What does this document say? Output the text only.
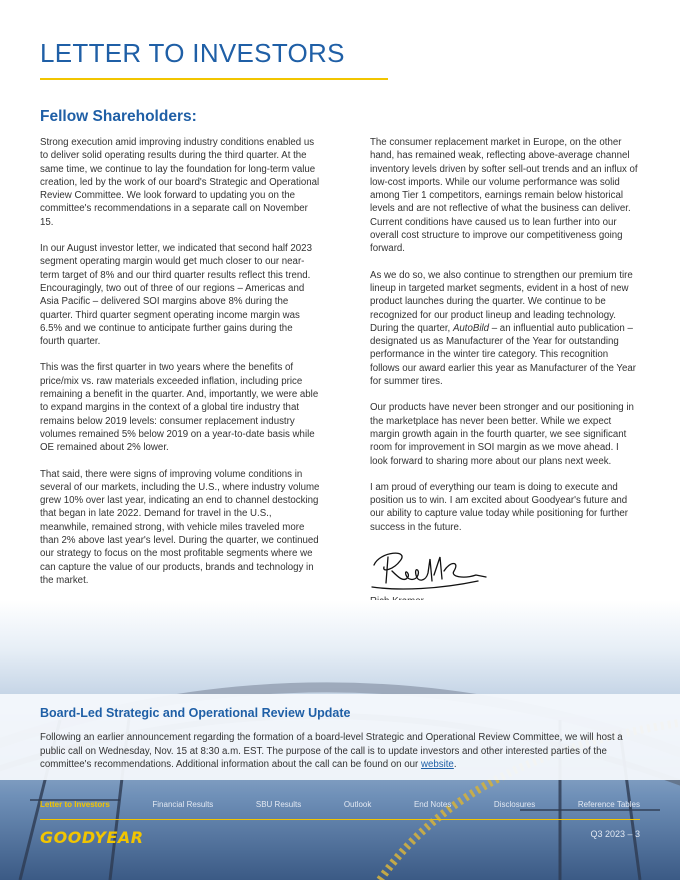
LETTER TO INVESTORS
Fellow Shareholders:

Strong execution amid improving industry conditions enabled us to deliver solid operating results during the third quarter. At the same time, we continue to lay the foundation for long-term value creation, led by the work of our board's Strategic and Operational Review Committee. We look forward to updating you on the committee's recommendations in a separate call on November 15.

In our August investor letter, we indicated that second half 2023 segment operating margin would get much closer to our near-term target of 8% and our third quarter results reflect this trend. Encouragingly, two out of three of our regions – Americas and Asia Pacific – delivered SOI margins above 8% during the quarter. Third quarter segment operating income margin was 6.5% and we continue to anticipate further gains during the fourth quarter.

This was the first quarter in two years where the benefits of price/mix vs. raw materials exceeded inflation, including price remaining a benefit in the quarter. And, importantly, we were able to expand margins in the context of a global tire industry that remains below 2019 levels: consumer replacement industry volumes remained 5% below 2019 on a year-to-date basis while OE remained about 2% lower.

That said, there were signs of improving volume conditions in several of our markets, including the U.S., where industry volume grew 10% over last year, indicating an end to channel destocking that began in late 2022. Demand for travel in the U.S., meanwhile, remained strong, with vehicle miles traveled more than 2% above last year's level. During the quarter, we continued our strategy to focus on the most profitable segments where we can capture the value of our products, brands and technology in the market.

The consumer replacement market in Europe, on the other hand, has remained weak, reflecting above-average channel inventory levels driven by softer sell-out trends and an influx of low-cost imports. While our volume performance was solid among Tier 1 competitors, earnings remain below historical levels and are not reflective of what the business can deliver. Current conditions have caused us to lean further into our overall cost structure to improve our competitiveness going forward.

As we do so, we also continue to strengthen our premium tire lineup in targeted market segments, evident in a host of new product launches during the quarter. We continue to be recognized for our product lineup and leading technology. During the quarter, AutoBild – an influential auto publication – designated us as Manufacturer of the Year for outstanding performance in the winter tire category. This recognition follows our award earlier this year as Manufacturer of the Year for summer tires.

Our products have never been stronger and our positioning in the marketplace has never been better. While we expect margin growth again in the fourth quarter, we see significant room for improvement in SOI margin as we move ahead. I look forward to sharing more about our plans next week.

I am proud of everything our team is doing to execute and position us to win. I am excited about Goodyear's future and our ability to capture value today while positioning for further success in the future.

Board-Led Strategic and Operational Review Update
Following an earlier announcement regarding the formation of a board-level Strategic and Operational Review Committee, we will host a public call on Wednesday, Nov. 15 at 8:30 a.m. EST. The purpose of the call is to update investors and other interested parties of the committee's recommendations. Additional information about the call can be found on our website.
Letter to Investors	Financial Results	SBU Results	Outlook	End Notes	Disclosures	Reference Tables
GOODYEAR	Q3 2023 – 3
